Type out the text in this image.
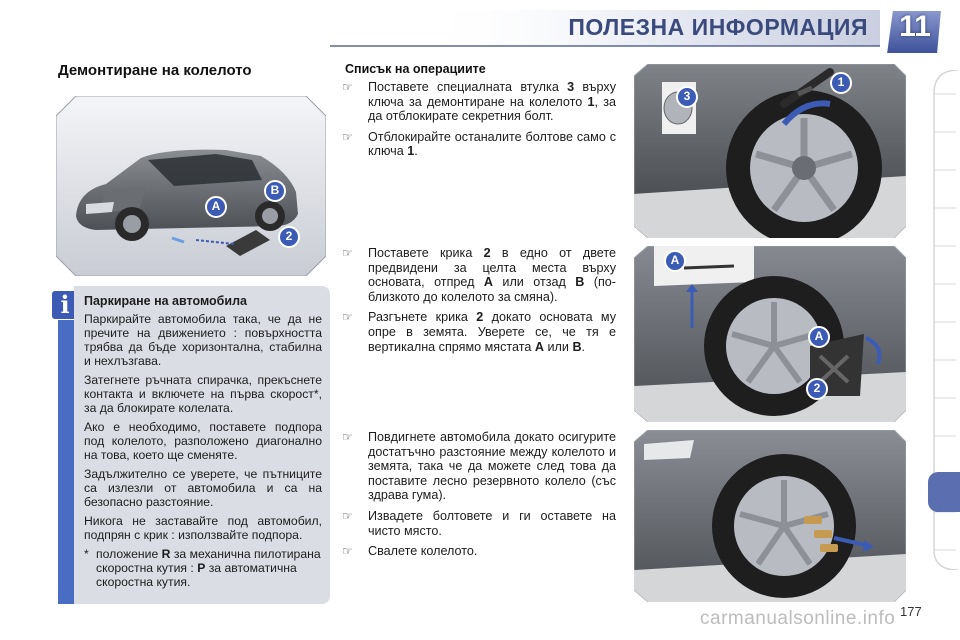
ПОЛЕЗНА ИНФОРМАЦИЯ	11
Демонтиране на колелото
A
B
2
i	Паркиране на автомобила

Паркирайте автомобила така, че да не пречите на движението : повърхността трябва да бъде хоризонтална, стабилна и нехлъзгава.

Затегнете ръчната спирачка, прекъснете контакта и включете на първа скорост*, за да блокирате колелата.

Ако е необходимо, поставете подпора под колелото, разположено диагонално на това, което ще сменяте.

Задължително се уверете, че пътниците са излезли от автомобила и са на безопасно разстояние.

Никога не заставайте под автомобил, подпрян с крик : използвайте подпора.

* положение R за механична пилотирана скоростна кутия : P за автоматична скоростна кутия.
Списък на операциите
☞	Поставете специалната втулка 3 върху ключа за демонтиране на колелото 1, за да отблокирате секретния болт.
☞	Отблокирайте останалите болтове само с ключа 1.
☞	Поставете крика 2 в едно от двете предвидени за целта места върху основата, отпред A или отзад B (по-близкото до колелото за смяна).
☞	Разгънете крика 2 докато основата му опре в земята. Уверете се, че тя е вертикална спрямо мястата A или B.
☞	Повдигнете автомобила докато осигурите достатъчно разстояние между колелото и земята, така че да можете след това да поставите лесно резервното колело (със здрава гума).
☞	Извадете болтовете и ги оставете на чисто място.
☞	Свалете колелото.
1
3
A
A
2
carmanualsonline.info 177
